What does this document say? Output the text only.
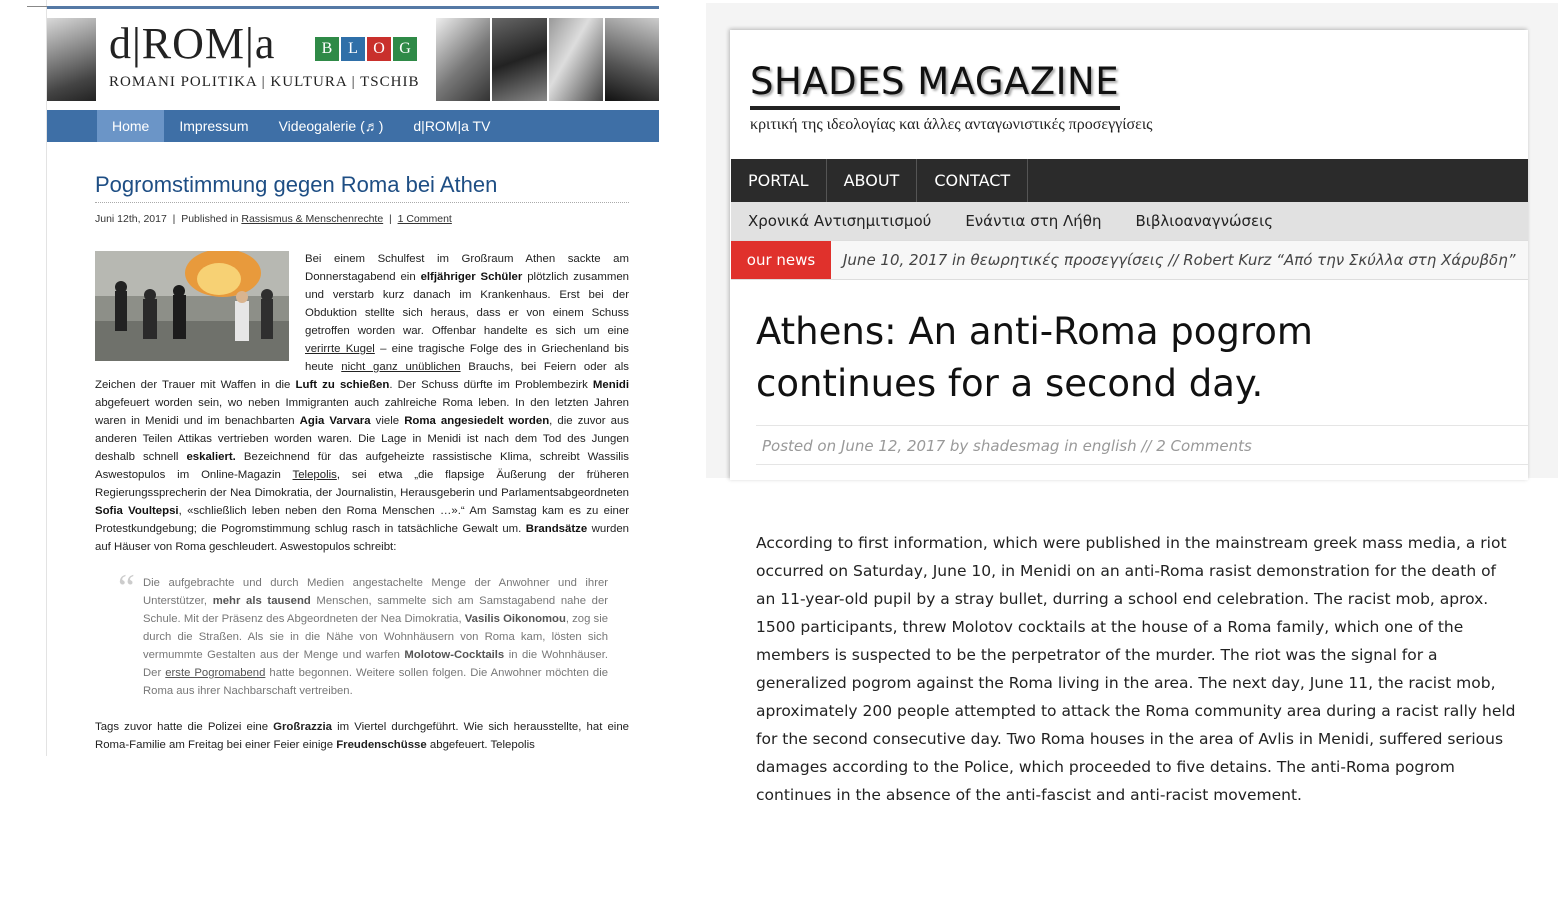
d|ROM|a	B L O G
ROMANI POLITIKA | KULTURA | TSCHIB
Home	Impressum	Videogalerie (♬)	d|ROM|a TV
Pogromstimmung gegen Roma bei Athen
Juni 12th, 2017  |  Published in Rassismus & Menschenrechte  |  1 Comment
Bei einem Schulfest im Großraum Athen sackte am Donnerstagabend ein elfjähriger Schüler plötzlich zusammen und verstarb kurz danach im Krankenhaus. Erst bei der Obduktion stellte sich heraus, dass er von einem Schuss getroffen worden war. Offenbar handelte es sich um eine verirrte Kugel – eine tragische Folge des in Griechenland bis heute nicht ganz unüblichen Brauchs, bei Feiern oder als Zeichen der Trauer mit Waffen in die Luft zu schießen. Der Schuss dürfte im Problembezirk Menidi abgefeuert worden sein, wo neben Immigranten auch zahlreiche Roma leben. In den letzten Jahren waren in Menidi und im benachbarten Agia Varvara viele Roma angesiedelt worden, die zuvor aus anderen Teilen Attikas vertrieben worden waren. Die Lage in Menidi ist nach dem Tod des Jungen deshalb schnell eskaliert. Bezeichnend für das aufgeheizte rassistische Klima, schreibt Wassilis Aswestopulos im Online-Magazin Telepolis, sei etwa „die flapsige Äußerung der früheren Regierungssprecherin der Nea Dimokratia, der Journalistin, Herausgeberin und Parlamentsabgeordneten Sofia Voultepsi, «schließlich leben neben den Roma Menschen …».“ Am Samstag kam es zu einer Protestkundgebung; die Pogromstimmung schlug rasch in tatsächliche Gewalt um. Brandsätze wurden auf Häuser von Roma geschleudert. Aswestopulos schreibt:
“ Die aufgebrachte und durch Medien angestachelte Menge der Anwohner und ihrer Unterstützer, mehr als tausend Menschen, sammelte sich am Samstagabend nahe der Schule. Mit der Präsenz des Abgeordneten der Nea Dimokratia, Vasilis Oikonomou, zog sie durch die Straßen. Als sie in die Nähe von Wohnhäusern von Roma kam, lösten sich vermummte Gestalten aus der Menge und warfen Molotow-Cocktails in die Wohnhäuser. Der erste Pogromabend hatte begonnen. Weitere sollen folgen. Die Anwohner möchten die Roma aus ihrer Nachbarschaft vertreiben.
Tags zuvor hatte die Polizei eine Großrazzia im Viertel durchgeführt. Wie sich herausstellte, hat eine Roma-Familie am Freitag bei einer Feier einige Freudenschüsse abgefeuert. Telepolis
SHADES MAGAZINE
κριτική της ιδεολογίας και άλλες ανταγωνιστικές προσεγγίσεις
PORTAL	ABOUT	CONTACT
Χρονικά Αντισημιτισμού	Ενάντια στη Λήθη	Βιβλιοαναγνώσεις
our news	June 10, 2017 in θεωρητικές προσεγγίσεις // Robert Kurz “Από την Σκύλλα στη Χάρυβδη”
Athens: An anti-Roma pogrom continues for a second day.
Posted on June 12, 2017 by shadesmag in english // 2 Comments
According to first information, which were published in the mainstream greek mass media, a riot occurred on Saturday, June 10, in Menidi on an anti-Roma rasist demonstration for the death of an 11-year-old pupil by a stray bullet, durring a school end celebration. The racist mob, aprox. 1500 participants, threw Molotov cocktails at the house of a Roma family, which one of the members is suspected to be the perpetrator of the murder. The riot was the signal for a generalized pogrom against the Roma living in the area. The next day, June 11, the racist mob, aproximately 200 people attempted to attack the Roma community area during a racist rally held for the second consecutive day. Two Roma houses in the area of Avlis in Menidi, suffered serious damages according to the Police, which proceeded to five detains. The anti-Roma pogrom continues in the absence of the anti-fascist and anti-racist movement.
